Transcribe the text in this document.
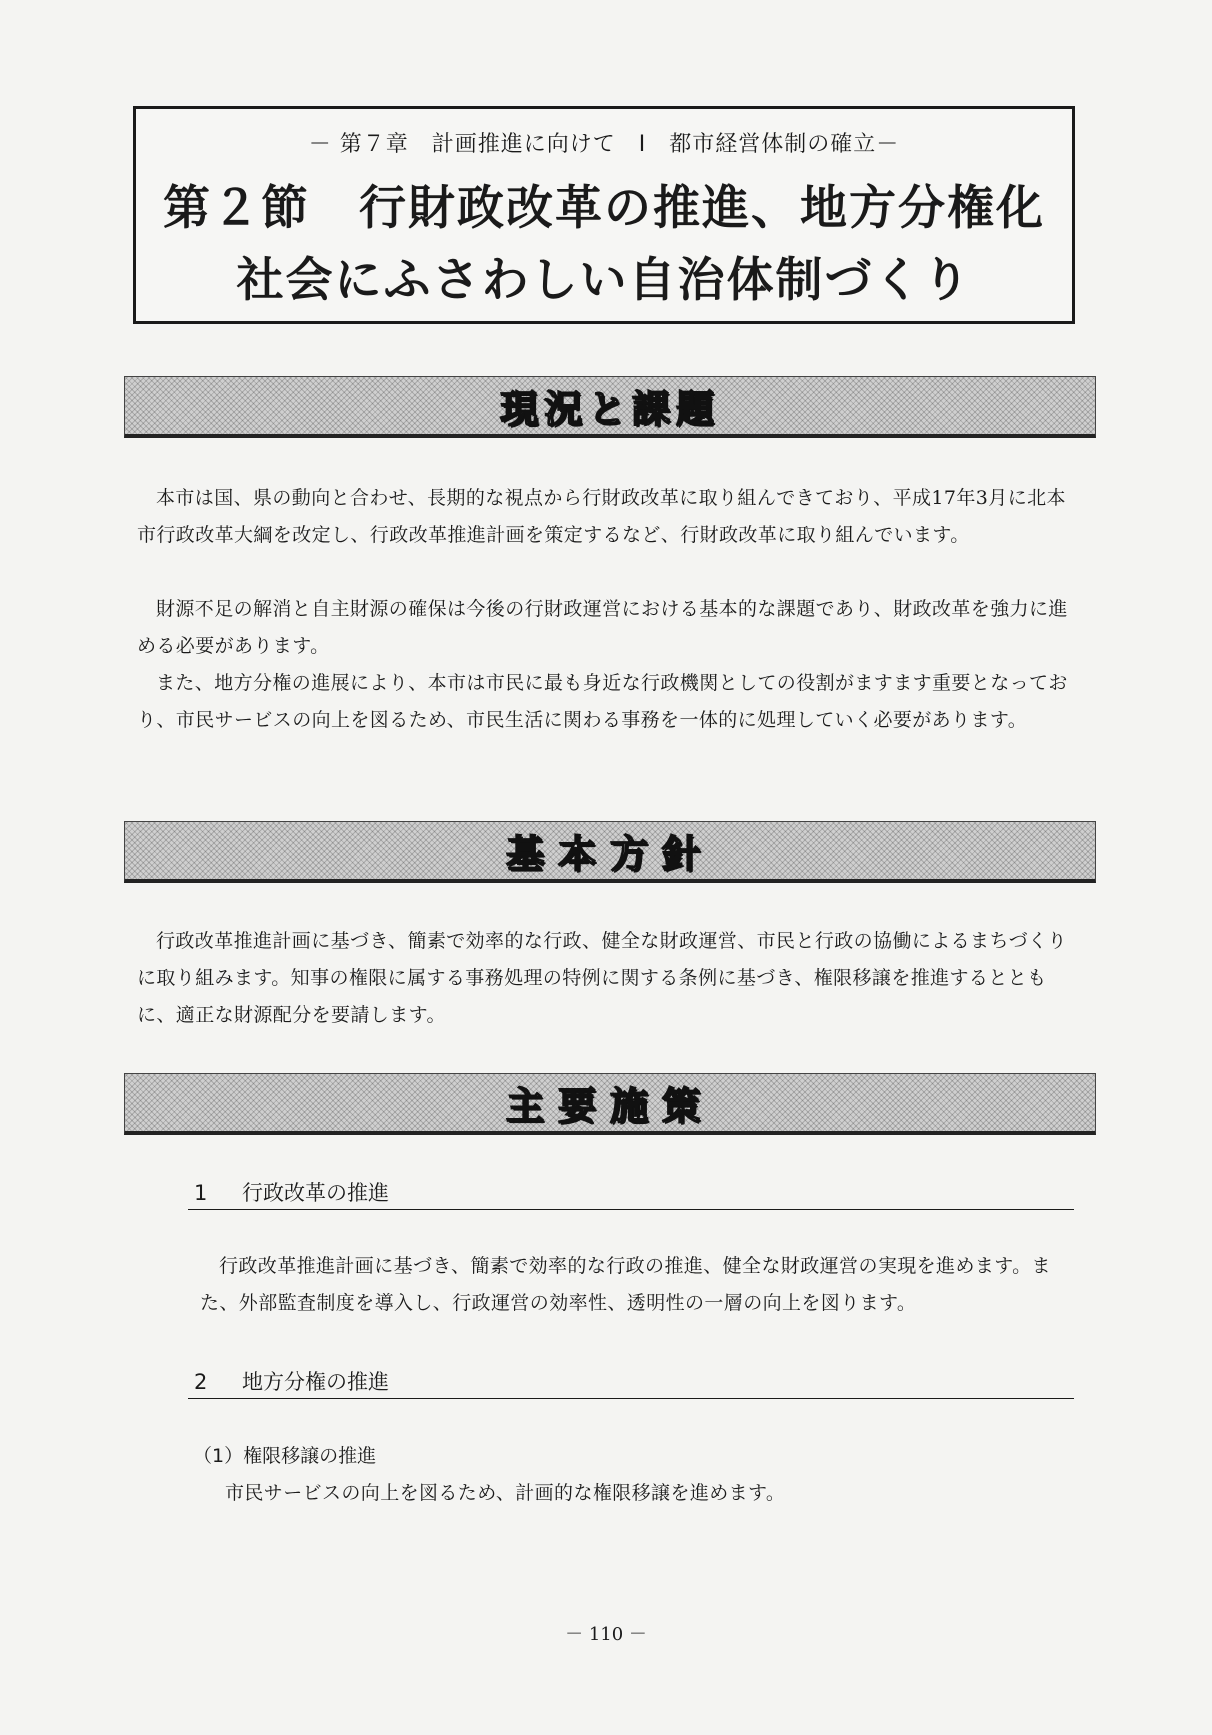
－ 第７章　計画推進に向けて　Ⅰ　都市経営体制の確立－
第２節　行財政改革の推進、地方分権化
社会にふさわしい自治体制づくり
現況と課題

本市は国、県の動向と合わせ、長期的な視点から行財政改革に取り組んできており、平成17年3月に北本市行政改革大綱を改定し、行政改革推進計画を策定するなど、行財政改革に取り組んでいます。

財源不足の解消と自主財源の確保は今後の行財政運営における基本的な課題であり、財政改革を強力に進める必要があります。

また、地方分権の進展により、本市は市民に最も身近な行政機関としての役割がますます重要となっており、市民サービスの向上を図るため、市民生活に関わる事務を一体的に処理していく必要があります。

基本方針

行政改革推進計画に基づき、簡素で効率的な行政、健全な財政運営、市民と行政の協働によるまちづくりに取り組みます。知事の権限に属する事務処理の特例に関する条例に基づき、権限移譲を推進するとともに、適正な財源配分を要請します。

主要施策
1 行政改革の推進

行政改革推進計画に基づき、簡素で効率的な行政の推進、健全な財政運営の実現を進めます。また、外部監査制度を導入し、行政運営の効率性、透明性の一層の向上を図ります。

2 地方分権の推進
（1）権限移譲の推進
市民サービスの向上を図るため、計画的な権限移譲を進めます。
－ 110 －
